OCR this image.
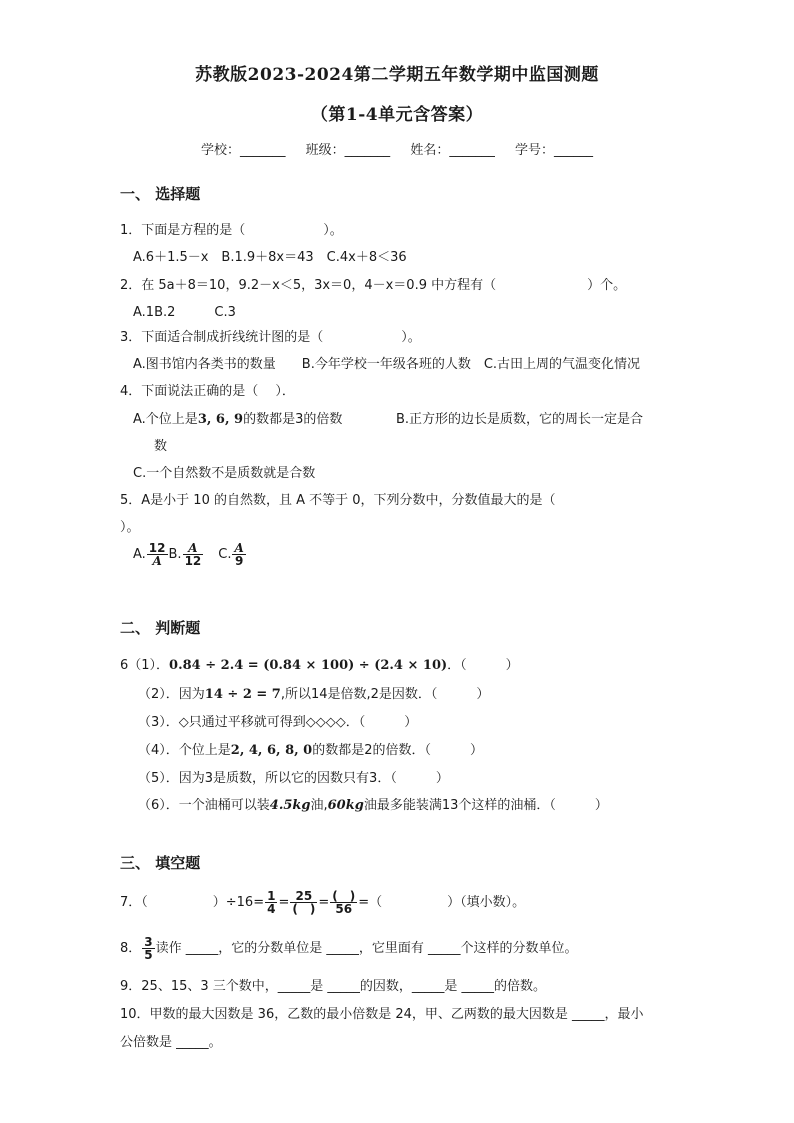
苏教版2023-2024第二学期五年数学期中监国测题
（第1-4单元含答案）
学校：_______ 班级：_______ 姓名：_______ 学号：______
一、 选择题
1．下面是方程的是（　　　　　　）。
A.6＋1.5－x　B.1.9＋8x＝43　C.4x＋8＜36
2．在 5a＋8＝10，9.2－x＜5，3x＝0，4－x＝0.9 中方程有（　　　　　　　）个。
A.1B.2　　　C.3
3．下面适合制成折线统计图的是（　　　　　　）。
A.图书馆内各类书的数量　　B.今年学校一年级各班的人数　C.古田上周的气温变化情况
4．下面说法正确的是（　 ）．
A.个位上是3, 6, 9的数都是3的倍数	B.正方形的边长是质数，它的周长一定是合
数
C.一个自然数不是质数就是合数
5．A是小于 10 的自然数，且 A 不等于 0，下列分数中，分数值最大的是（
）。
A. $\frac{12}{A} B$. $\frac{A}{12} C$. $\frac{A}{9}$
二、 判断题
6（1）．0.84 ÷ 2.4 = (0.84 × 100) ÷ (2.4 × 10)．（　　　）
（2）．因为14 ÷ 2 = 7,所以14是倍数,2是因数．（　　　）
（3）．◇只通过平移就可得到◇◇◇◇．（　　　）
（4）．个位上是2, 4, 6, 8, 0的数都是2的倍数．（　　　）
（5）．因为3是质数，所以它的因数只有3．（　　　）
（6）．一个油桶可以装4.5kg油,60kg油最多能装满13个这样的油桶．（　　　）
三、 填空题
7．（　　　　　）$\div 16= \frac{1}{4} = \frac{25}{( )} = \frac{( )}{56}$ =（　　　　　）（填小数）。
8． $\frac{3}{5}$ 读作 _____，它的分数单位是 _____，它里面有 _____个这样的分数单位。
9．25、15、3 三个数中，_____是 _____的因数，_____是 _____的倍数。
10．甲数的最大因数是 36，乙数的最小倍数是 24，甲、乙两数的最大因数是 _____，最小
公倍数是 _____。
